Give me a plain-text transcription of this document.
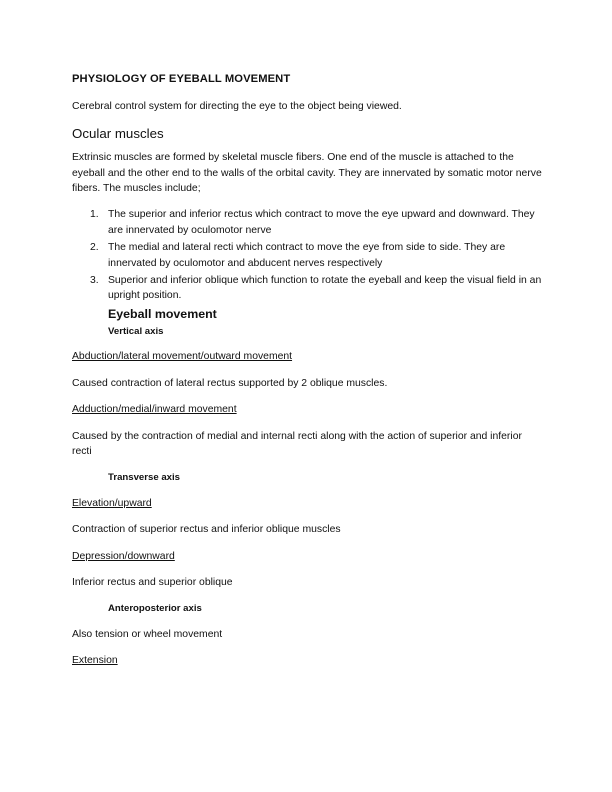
PHYSIOLOGY OF EYEBALL MOVEMENT

Cerebral control system for directing the eye to the object being viewed.

Ocular muscles

Extrinsic muscles are formed by skeletal muscle fibers. One end of the muscle is attached to the eyeball and the other end to the walls of the orbital cavity. They are innervated by somatic motor nerve fibers. The muscles include;

1. The superior and inferior rectus which contract to move the eye upward and downward. They are innervated by oculomotor nerve
2. The medial and lateral recti which contract to move the eye from side to side. They are innervated by oculomotor and abducent nerves respectively
3. Superior and inferior oblique which function to rotate the eyeball and keep the visual field in an upright position.
Eyeball movement
Vertical axis

Abduction/lateral movement/outward movement

Caused contraction of lateral rectus supported by 2 oblique muscles.

Adduction/medial/inward movement

Caused by the contraction of medial and internal recti along with the action of superior and inferior recti

Transverse axis

Elevation/upward

Contraction of superior rectus and inferior oblique muscles

Depression/downward

Inferior rectus and superior oblique

Anteroposterior axis

Also tension or wheel movement

Extension
